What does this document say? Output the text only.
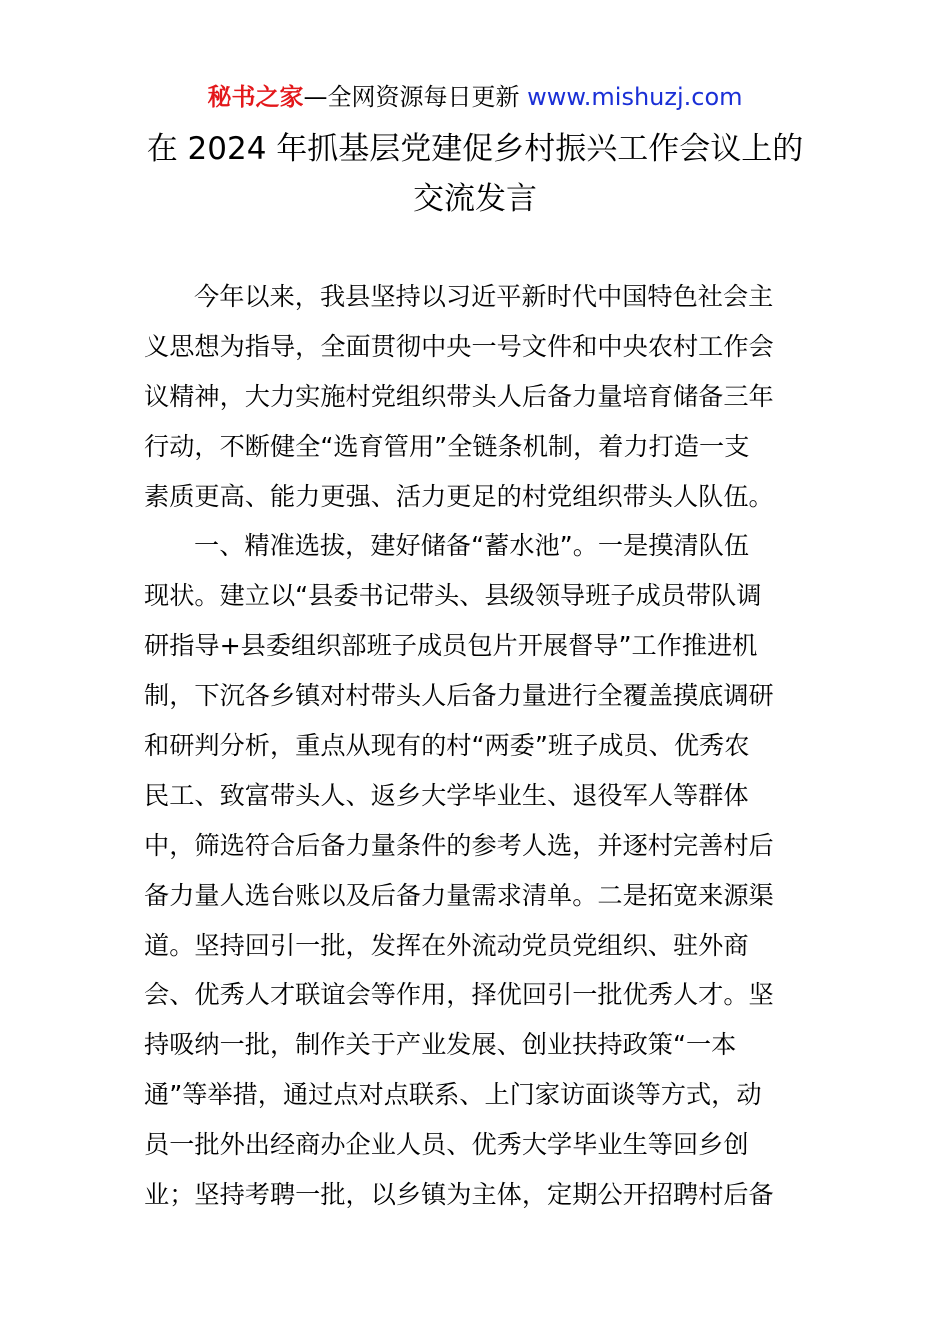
秘书之家—全网资源每日更新 www.mishuzj.com
在 2024 年抓基层党建促乡村振兴工作会议上的
交流发言
今年以来，我县坚持以习近平新时代中国特色社会主
义思想为指导，全面贯彻中央一号文件和中央农村工作会
议精神，大力实施村党组织带头人后备力量培育储备三年
行动，不断健全“选育管用”全链条机制，着力打造一支
素质更高、能力更强、活力更足的村党组织带头人队伍。
一、精准选拔，建好储备“蓄水池”。一是摸清队伍
现状。建立以“县委书记带头、县级领导班子成员带队调
研指导+县委组织部班子成员包片开展督导”工作推进机
制，下沉各乡镇对村带头人后备力量进行全覆盖摸底调研
和研判分析，重点从现有的村“两委”班子成员、优秀农
民工、致富带头人、返乡大学毕业生、退役军人等群体
中，筛选符合后备力量条件的参考人选，并逐村完善村后
备力量人选台账以及后备力量需求清单。二是拓宽来源渠
道。坚持回引一批，发挥在外流动党员党组织、驻外商
会、优秀人才联谊会等作用，择优回引一批优秀人才。坚
持吸纳一批，制作关于产业发展、创业扶持政策“一本
通”等举措，通过点对点联系、上门家访面谈等方式，动
员一批外出经商办企业人员、优秀大学毕业生等回乡创
业；坚持考聘一批，以乡镇为主体，定期公开招聘村后备
